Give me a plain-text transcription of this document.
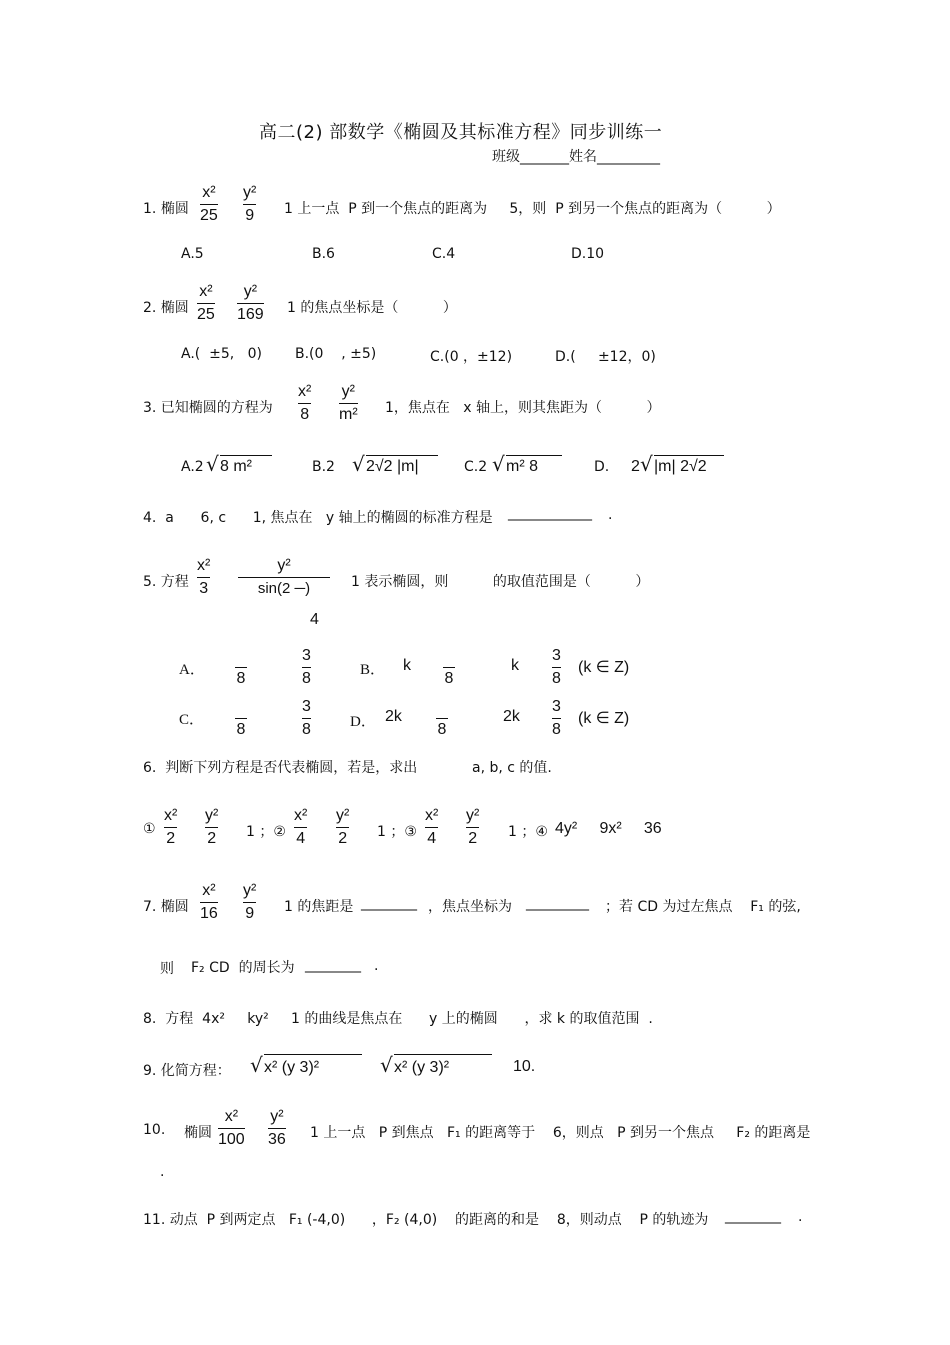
高二(2) 部数学《椭圆及其标准方程》同步训练一
班级_______姓名_________
1. 椭圆
x²
25
y²
9 1 上一点  P 到一个焦点的距离为     5，则  P 到另一个焦点的距离为（          ）
A.5	B.6	C.4	D.10
2. 椭圆
x²
25
y²
169 1 的焦点坐标是（          ）
A.(  ±5,   0) B.(0    , ±5)	C.(0 ，±12)	D.(     ±12，0)
3. 已知椭圆的方程为
x²
8
y²
m² 1，焦点在   x 轴上，则其焦距为（          ）
A.2 √ 8 m²	B.2 √ 2√2 |m|	C.2 √ m² 8	D. 2 √ |m| 2√2
4.  a      6, c      1, 焦点在   y 轴上的椭圆的标准方程是 ____________ .
5. 方程
x²
3
y²
sin(2 ─)
4
1 表示椭圆，则          的取值范围是（          ）
A． 8
3
8	B． k
8
k
3
8
(k ∈ Z)
C．
8
3
8	D． 2k
8
2k
3
8
(k ∈ Z)
6.  判断下列方程是否代表椭圆，若是，求出	a, b, c 的值.
①
x²
2
y²
2 1 ；②
x²
4
y²
2 1 ；③
x²
4
y²
2 1 ；④ 4y²     9x²     36
7. 椭圆
x²
16
y²
9 1 的焦距是 ________ ，焦点坐标为 _________ ；若 CD 为过左焦点    F₁ 的弦,
则 F₂ CD  的周长为 ________ .
8.  方程  4x²     ky²     1 的曲线是焦点在      y 上的椭圆      ，求 k 的取值范围  .
9. 化简方程： √ x² (y 3)²	√ x² (y 3)²	10.
10. 椭圆
x²
100
y²
36 1 上一点   P 到焦点   F₁ 的距离等于    6，则点   P 到另一个焦点     F₂ 的距离是
.
11. 动点  P 到两定点   F₁ (-4,0)      ，F₂ (4,0)    的距离的和是    8，则动点    P 的轨迹为 ________ .
